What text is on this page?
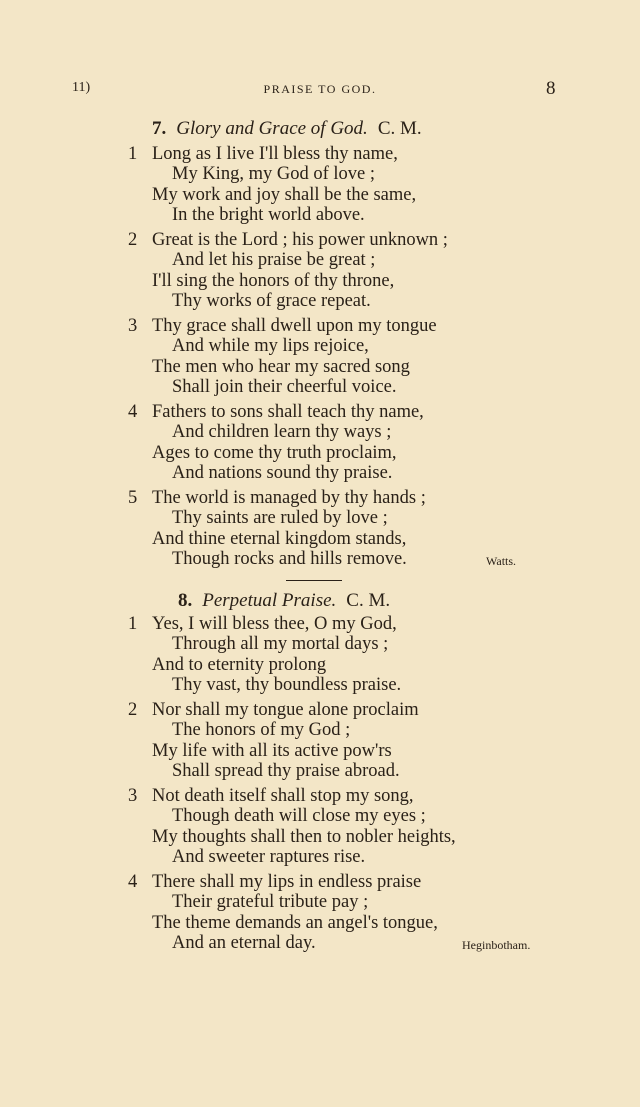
11)	PRAISE TO GOD.	8
7. Glory and Grace of God. C. M.
1 Long as I live I'll bless thy name,
My King, my God of love ;
My work and joy shall be the same,
In the bright world above.
2 Great is the Lord ; his power unknown ;
And let his praise be great ;
I'll sing the honors of thy throne,
Thy works of grace repeat.
3 Thy grace shall dwell upon my tongue
And while my lips rejoice,
The men who hear my sacred song
Shall join their cheerful voice.
4 Fathers to sons shall teach thy name,
And children learn thy ways ;
Ages to come thy truth proclaim,
And nations sound thy praise.
5 The world is managed by thy hands ;
Thy saints are ruled by love ;
And thine eternal kingdom stands,
Though rocks and hills remove.	Watts.
8. Perpetual Praise. C. M.
1 Yes, I will bless thee, O my God,
Through all my mortal days ;
And to eternity prolong
Thy vast, thy boundless praise.
2 Nor shall my tongue alone proclaim
The honors of my God ;
My life with all its active pow'rs
Shall spread thy praise abroad.
3 Not death itself shall stop my song,
Though death will close my eyes ;
My thoughts shall then to nobler heights,
And sweeter raptures rise.
4 There shall my lips in endless praise
Their grateful tribute pay ;
The theme demands an angel's tongue,
And an eternal day.	Heginbotham.
